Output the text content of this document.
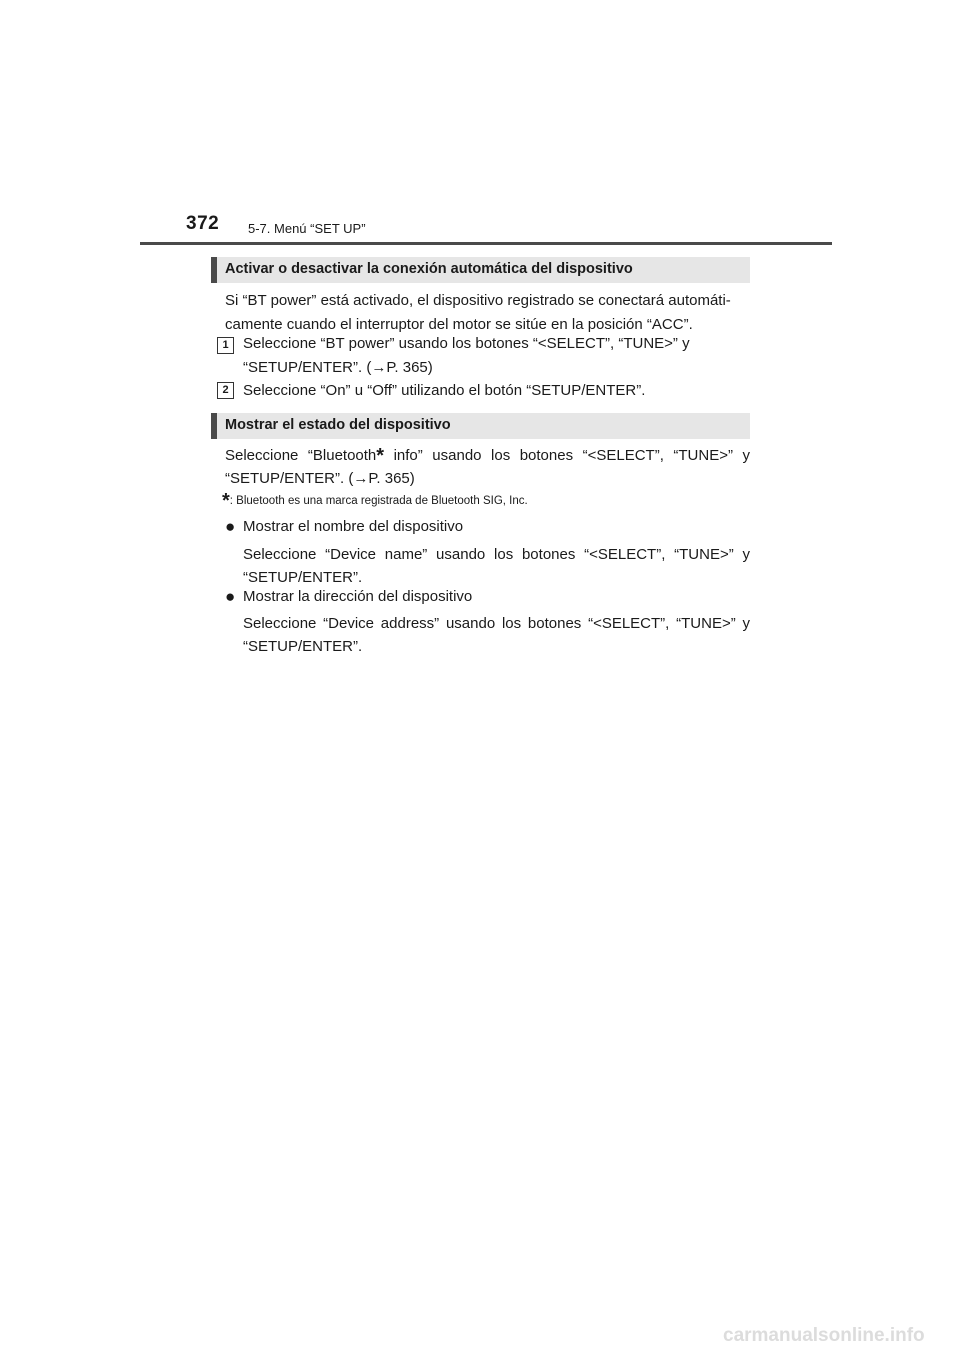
372 5-7. Menú “SET UP”
Activar o desactivar la conexión automática del dispositivo

Si “BT power” está activado, el dispositivo registrado se conectará automáti-

camente cuando el interruptor del motor se sitúe en la posición “ACC”.

1 Seleccione “BT power” usando los botones “<SELECT”, “TUNE>” y

“SETUP/ENTER”. (→P. 365)

2 Seleccione “On” u “Off” utilizando el botón “SETUP/ENTER”.

Mostrar el estado del dispositivo

Seleccione “Bluetooth* info” usando los botones “<SELECT”, “TUNE>” y

“SETUP/ENTER”. (→P. 365)

*: Bluetooth es una marca registrada de Bluetooth SIG, Inc.
● Mostrar el nombre del dispositivo

Seleccione “Device name” usando los botones “<SELECT”, “TUNE>” y

“SETUP/ENTER”.

● Mostrar la dirección del dispositivo

Seleccione “Device address” usando los botones “<SELECT”, “TUNE>” y

“SETUP/ENTER”.

carmanualsonline.info
